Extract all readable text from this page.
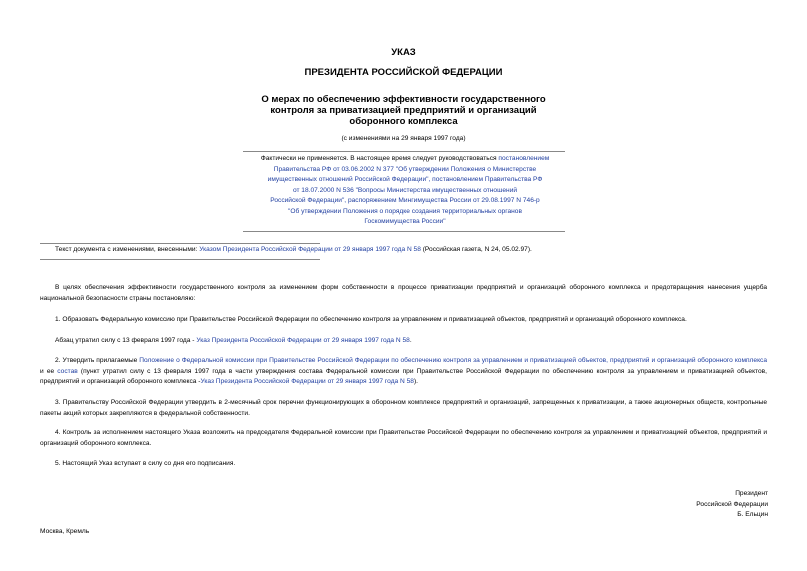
УКАЗ
ПРЕЗИДЕНТА РОССИЙСКОЙ ФЕДЕРАЦИИ
О мерах по обеспечению эффективности государственного
контроля за приватизацией предприятий и организаций
оборонного комплекса
(с изменениями на 29 января 1997 года)
Фактически не применяется. В настоящее время следует руководствоваться постановлением
Правительства РФ от 03.06.2002 N 377 "Об утверждении Положения о Министерстве
имущественных отношений Российской Федерации", постановлением Правительства РФ
от 18.07.2000 N 536 "Вопросы Министерства имущественных отношений
Российской Федерации", распоряжением Мингимущества России от 29.08.1997 N 746-р
"Об утверждении Положения о порядке создания территориальных органов
Госкомимущества России"
Текст документа с изменениями, внесенными: Указом Президента Российской Федерации от 29 января 1997 года N 58 (Российская газета, N 24, 05.02.97).
В целях обеспечения эффективности государственного контроля за изменением форм собственности в процессе приватизации предприятий и организаций оборонного комплекса и предотвращения нанесения ущерба национальной безопасности страны постановляю:
1. Образовать Федеральную комиссию при Правительстве Российской Федерации по обеспечению контроля за управлением и приватизацией объектов, предприятий и организаций оборонного комплекса.
Абзац утратил силу с 13 февраля 1997 года - Указ Президента Российской Федерации от 29 января 1997 года N 58.
2. Утвердить прилагаемые Положение о Федеральной комиссии при Правительстве Российской Федерации по обеспечению контроля за управлением и приватизацией объектов, предприятий и организаций оборонного комплекса и ее состав (пункт утратил силу с 13 февраля 1997 года в части утверждения состава Федеральной комиссии при Правительстве Российской Федерации по обеспечению контроля за управлением и приватизацией объектов, предприятий и организаций оборонного комплекса -Указ Президента Российской Федерации от 29 января 1997 года N 58).
3. Правительству Российской Федерации утвердить в 2-месячный срок перечни функционирующих в оборонном комплексе предприятий и организаций, запрещенных к приватизации, а также акционерных обществ, контрольные пакеты акций которых закрепляются в федеральной собственности.
4. Контроль за исполнением настоящего Указа возложить на председателя Федеральной комиссии при Правительстве Российской Федерации по обеспечению контроля за управлением и приватизацией объектов, предприятий и организаций оборонного комплекса.
5. Настоящий Указ вступает в силу со дня его подписания.
Президент
Российской Федерации
Б. Ельцин
Москва, Кремль
